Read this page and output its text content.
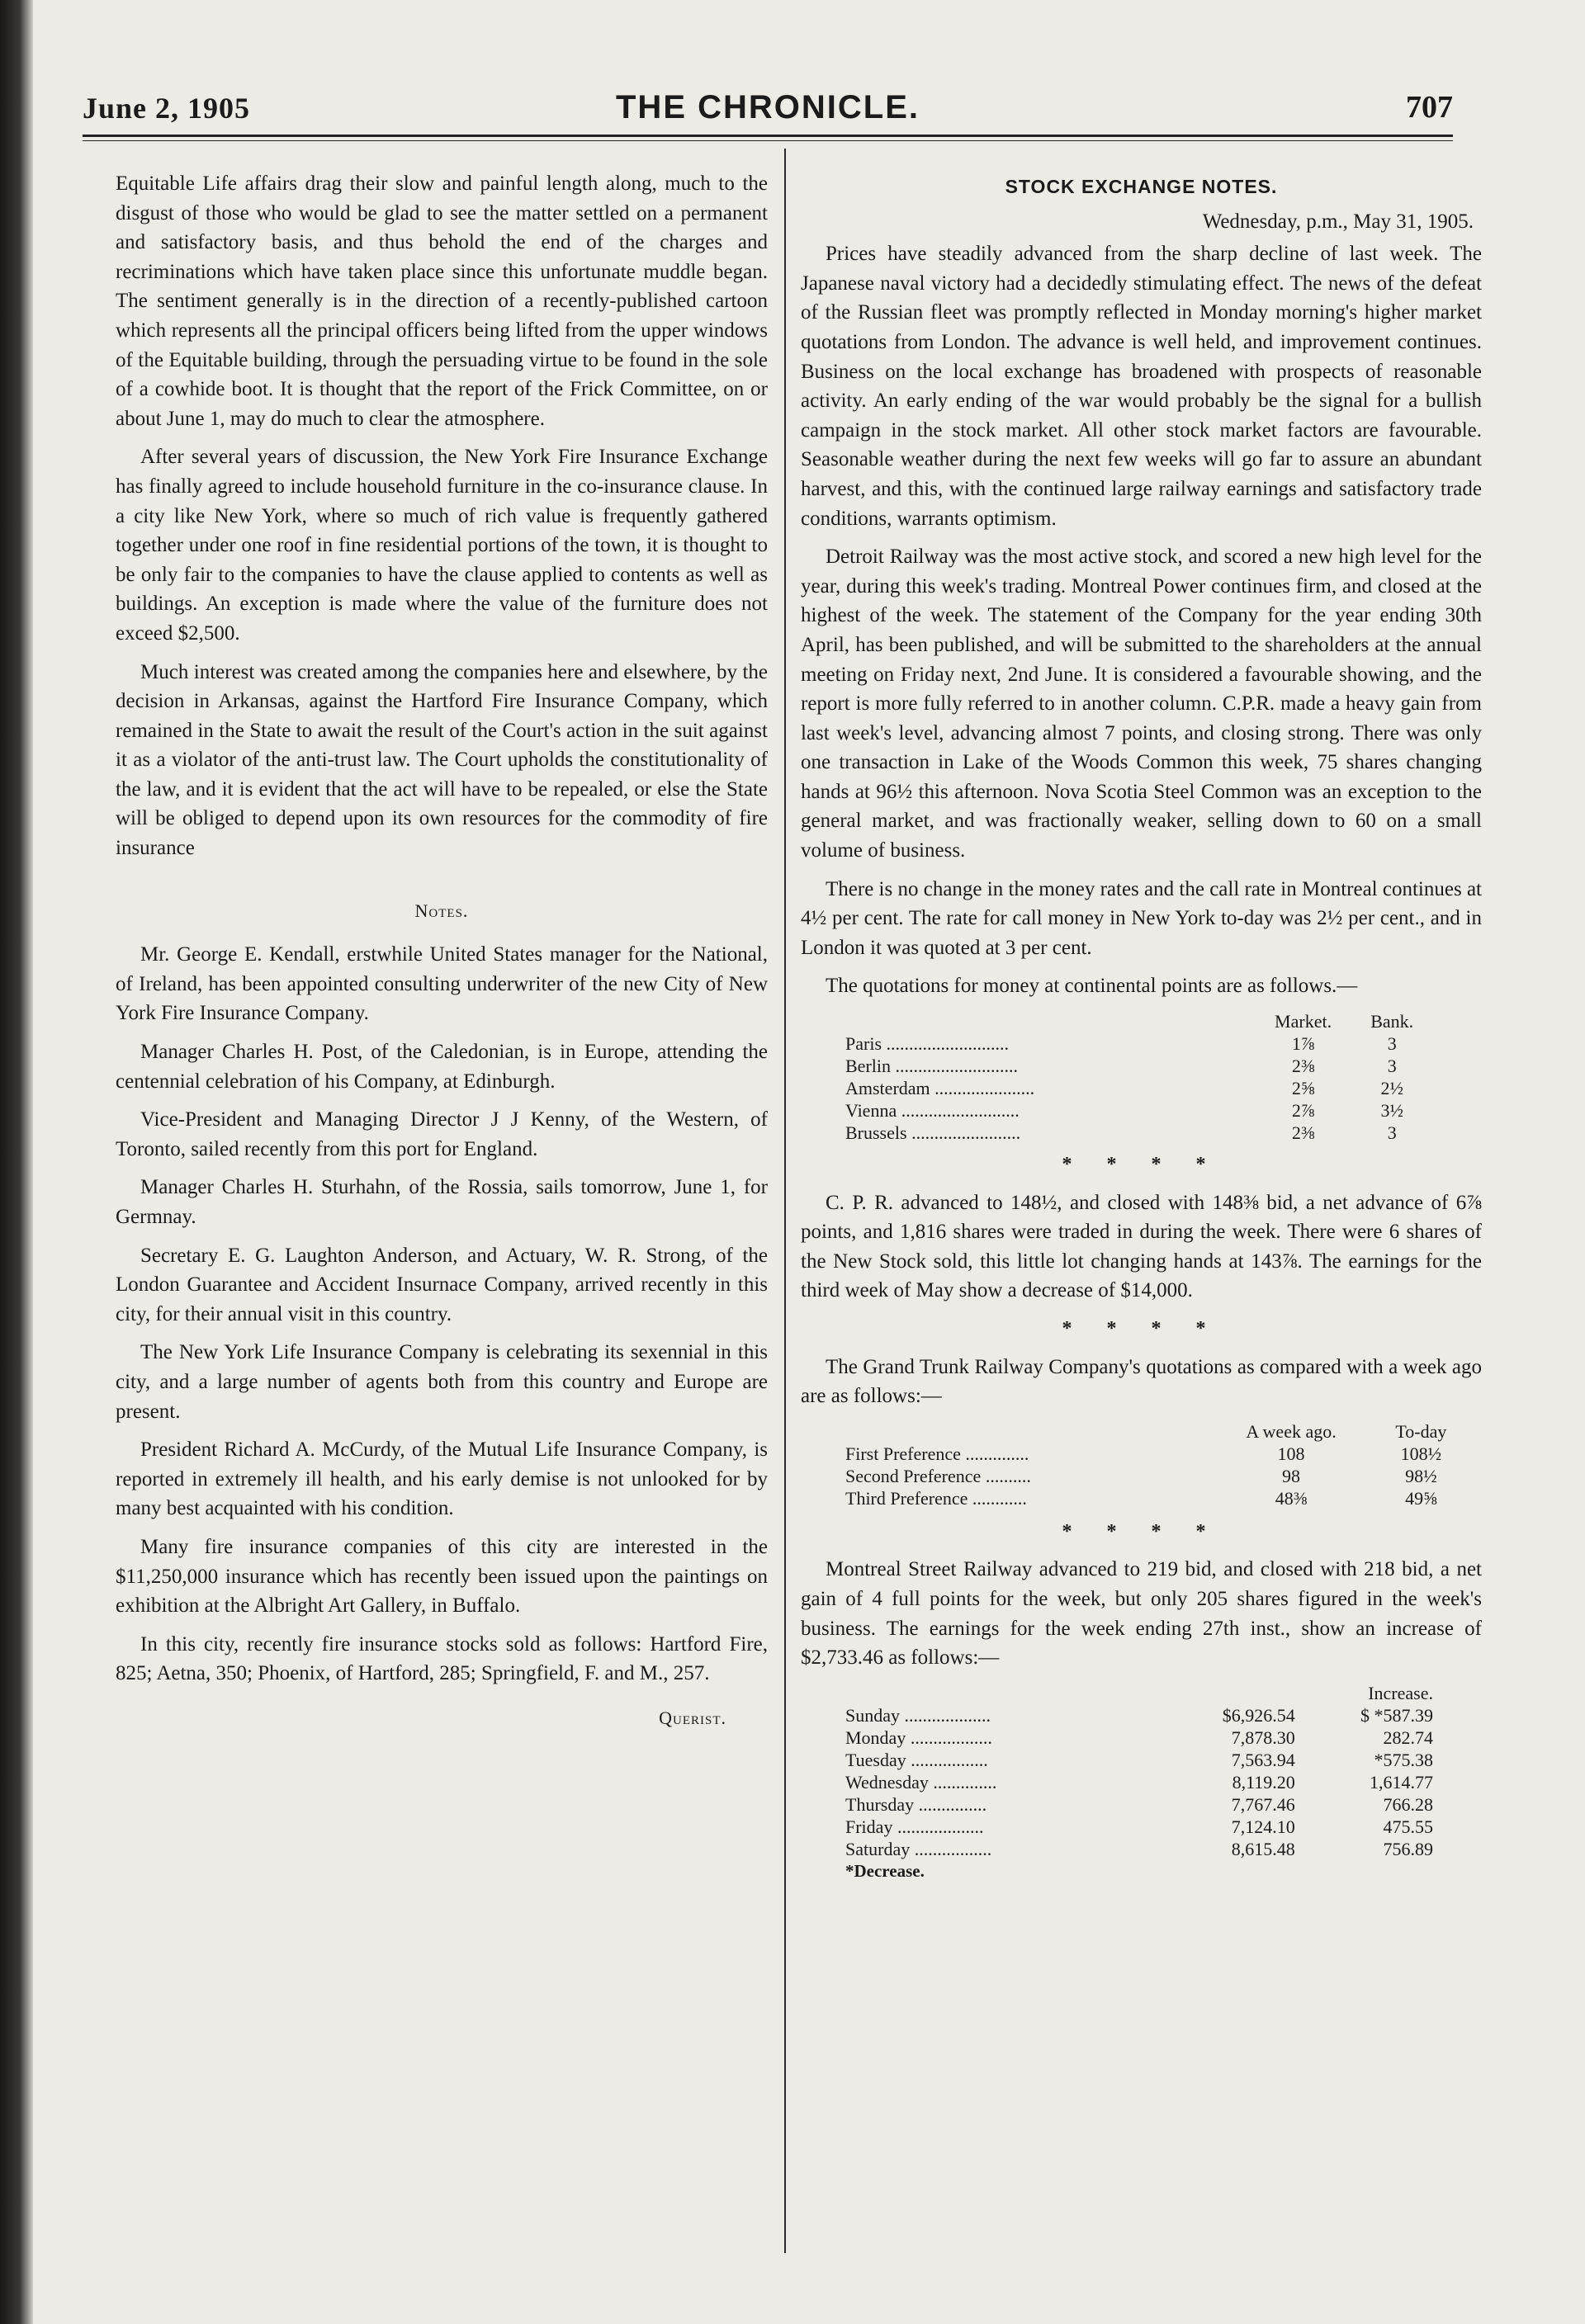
June 2, 1905	THE CHRONICLE.	707

Equitable Life affairs drag their slow and painful length along, much to the disgust of those who would be glad to see the matter settled on a permanent and satisfactory basis, and thus behold the end of the charges and recriminations which have taken place since this unfortunate muddle began. The sentiment generally is in the direction of a recently-published cartoon which represents all the principal officers being lifted from the upper windows of the Equitable building, through the persuading virtue to be found in the sole of a cowhide boot. It is thought that the report of the Frick Committee, on or about June 1, may do much to clear the atmosphere.

After several years of discussion, the New York Fire Insurance Exchange has finally agreed to include household furniture in the co-insurance clause. In a city like New York, where so much of rich value is frequently gathered together under one roof in fine residential portions of the town, it is thought to be only fair to the companies to have the clause applied to contents as well as buildings. An exception is made where the value of the furniture does not exceed $2,500.

Much interest was created among the companies here and elsewhere, by the decision in Arkansas, against the Hartford Fire Insurance Company, which remained in the State to await the result of the Court's action in the suit against it as a violator of the anti-trust law. The Court upholds the constitutionality of the law, and it is evident that the act will have to be repealed, or else the State will be obliged to depend upon its own resources for the commodity of fire insurance

Notes.

Mr. George E. Kendall, erstwhile United States manager for the National, of Ireland, has been appointed consulting underwriter of the new City of New York Fire Insurance Company.

Manager Charles H. Post, of the Caledonian, is in Europe, attending the centennial celebration of his Company, at Edinburgh.

Vice-President and Managing Director J J Kenny, of the Western, of Toronto, sailed recently from this port for England.

Manager Charles H. Sturhahn, of the Rossia, sails tomorrow, June 1, for Germnay.

Secretary E. G. Laughton Anderson, and Actuary, W. R. Strong, of the London Guarantee and Accident Insurnace Company, arrived recently in this city, for their annual visit in this country.

The New York Life Insurance Company is celebrating its sexennial in this city, and a large number of agents both from this country and Europe are present.

President Richard A. McCurdy, of the Mutual Life Insurance Company, is reported in extremely ill health, and his early demise is not unlooked for by many best acquainted with his condition.

Many fire insurance companies of this city are interested in the $11,250,000 insurance which has recently been issued upon the paintings on exhibition at the Albright Art Gallery, in Buffalo.

In this city, recently fire insurance stocks sold as follows: Hartford Fire, 825; Aetna, 350; Phoenix, of Hartford, 285; Springfield, F. and M., 257.

Querist.
STOCK EXCHANGE NOTES.
Wednesday, p.m., May 31, 1905.

Prices have steadily advanced from the sharp decline of last week. The Japanese naval victory had a decidedly stimulating effect. The news of the defeat of the Russian fleet was promptly reflected in Monday morning's higher market quotations from London. The advance is well held, and improvement continues. Business on the local exchange has broadened with prospects of reasonable activity. An early ending of the war would probably be the signal for a bullish campaign in the stock market. All other stock market factors are favourable. Seasonable weather during the next few weeks will go far to assure an abundant harvest, and this, with the continued large railway earnings and satisfactory trade conditions, warrants optimism.

Detroit Railway was the most active stock, and scored a new high level for the year, during this week's trading. Montreal Power continues firm, and closed at the highest of the week. The statement of the Company for the year ending 30th April, has been published, and will be submitted to the shareholders at the annual meeting on Friday next, 2nd June. It is considered a favourable showing, and the report is more fully referred to in another column. C.P.R. made a heavy gain from last week's level, advancing almost 7 points, and closing strong. There was only one transaction in Lake of the Woods Common this week, 75 shares changing hands at 96½ this afternoon. Nova Scotia Steel Common was an exception to the general market, and was fractionally weaker, selling down to 60 on a small volume of business.

There is no change in the money rates and the call rate in Montreal continues at 4½ per cent. The rate for call money in New York to-day was 2½ per cent., and in London it was quoted at 3 per cent.

The quotations for money at continental points are as follows.—

	Market.	Bank.
Paris ...........................	1⅞	3
Berlin ...........................	2⅜	3
Amsterdam ......................	2⅝	2½
Vienna ..........................	2⅞	3½
Brussels ........................	2⅜	3
* * * *

C. P. R. advanced to 148½, and closed with 148⅜ bid, a net advance of 6⅞ points, and 1,816 shares were traded in during the week. There were 6 shares of the New Stock sold, this little lot changing hands at 143⅞. The earnings for the third week of May show a decrease of $14,000.

* * * *

The Grand Trunk Railway Company's quotations as compared with a week ago are as follows:—

	A week ago.	To-day
First Preference ..............	108	108½
Second Preference ..........	98	98½
Third Preference ............	48⅜	49⅝
* * * *

Montreal Street Railway advanced to 219 bid, and closed with 218 bid, a net gain of 4 full points for the week, but only 205 shares figured in the week's business. The earnings for the week ending 27th inst., show an increase of $2,733.46 as follows:—

		Increase.
Sunday ...................	$6,926.54	$ *587.39
Monday ..................	7,878.30	282.74
Tuesday .................	7,563.94	*575.38
Wednesday ..............	8,119.20	1,614.77
Thursday ...............	7,767.46	766.28
Friday ...................	7,124.10	475.55
Saturday .................	8,615.48	756.89
*Decrease.		
